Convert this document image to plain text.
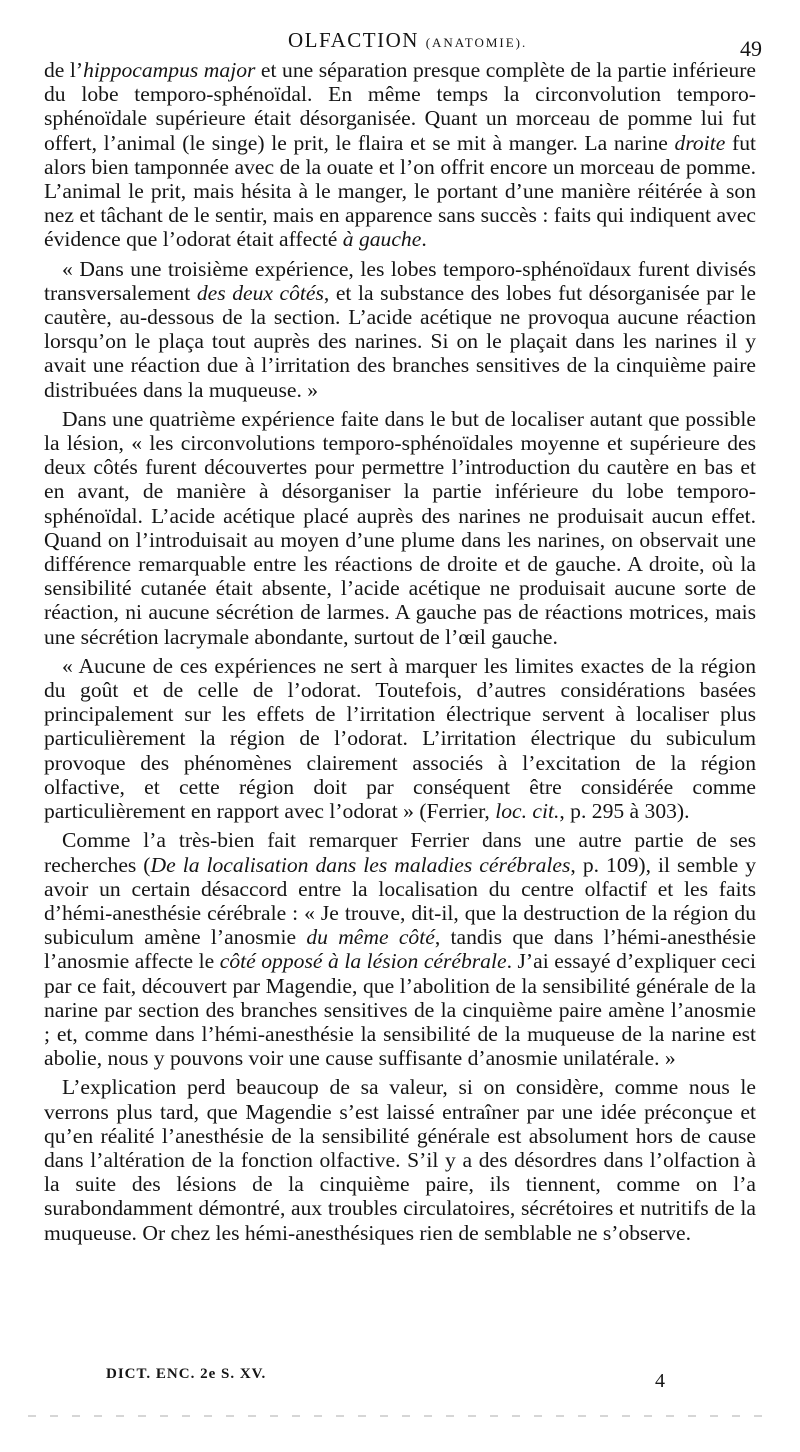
OLFACTION (ANATOMIE).	49

de l’hippocampus major et une séparation presque complète de la partie inférieure du lobe temporo-sphénoïdal. En même temps la circonvolution temporo-sphénoïdale supérieure était désorganisée. Quant un morceau de pomme lui fut offert, l’animal (le singe) le prit, le flaira et se mit à manger. La narine droite fut alors bien tamponnée avec de la ouate et l’on offrit encore un morceau de pomme. L’animal le prit, mais hésita à le manger, le portant d’une manière réitérée à son nez et tâchant de le sentir, mais en apparence sans succès : faits qui indiquent avec évidence que l’odorat était affecté à gauche.

« Dans une troisième expérience, les lobes temporo-sphénoïdaux furent divisés transversalement des deux côtés, et la substance des lobes fut désorganisée par le cautère, au-dessous de la section. L’acide acétique ne provoqua aucune réaction lorsqu’on le plaça tout auprès des narines. Si on le plaçait dans les narines il y avait une réaction due à l’irritation des branches sensitives de la cinquième paire distribuées dans la muqueuse. »

Dans une quatrième expérience faite dans le but de localiser autant que possible la lésion, « les circonvolutions temporo-sphénoïdales moyenne et supérieure des deux côtés furent découvertes pour permettre l’introduction du cautère en bas et en avant, de manière à désorganiser la partie inférieure du lobe temporo-sphénoïdal. L’acide acétique placé auprès des narines ne produisait aucun effet. Quand on l’introduisait au moyen d’une plume dans les narines, on observait une différence remarquable entre les réactions de droite et de gauche. A droite, où la sensibilité cutanée était absente, l’acide acétique ne produisait aucune sorte de réaction, ni aucune sécrétion de larmes. A gauche pas de réactions motrices, mais une sécrétion lacrymale abondante, surtout de l’œil gauche.

« Aucune de ces expériences ne sert à marquer les limites exactes de la région du goût et de celle de l’odorat. Toutefois, d’autres considérations basées principalement sur les effets de l’irritation électrique servent à localiser plus particulièrement la région de l’odorat. L’irritation électrique du subiculum provoque des phénomènes clairement associés à l’excitation de la région olfactive, et cette région doit par conséquent être considérée comme particulièrement en rapport avec l’odorat » (Ferrier, loc. cit., p. 295 à 303).

Comme l’a très-bien fait remarquer Ferrier dans une autre partie de ses recherches (De la localisation dans les maladies cérébrales, p. 109), il semble y avoir un certain désaccord entre la localisation du centre olfactif et les faits d’hémi-anesthésie cérébrale : « Je trouve, dit-il, que la destruction de la région du subiculum amène l’anosmie du même côté, tandis que dans l’hémi-anesthésie l’anosmie affecte le côté opposé à la lésion cérébrale. J’ai essayé d’expliquer ceci par ce fait, découvert par Magendie, que l’abolition de la sensibilité générale de la narine par section des branches sensitives de la cinquième paire amène l’anosmie ; et, comme dans l’hémi-anesthésie la sensibilité de la muqueuse de la narine est abolie, nous y pouvons voir une cause suffisante d’anosmie unilatérale. »

L’explication perd beaucoup de sa valeur, si on considère, comme nous le verrons plus tard, que Magendie s’est laissé entraîner par une idée préconçue et qu’en réalité l’anesthésie de la sensibilité générale est absolument hors de cause dans l’altération de la fonction olfactive. S’il y a des désordres dans l’olfaction à la suite des lésions de la cinquième paire, ils tiennent, comme on l’a surabondamment démontré, aux troubles circulatoires, sécrétoires et nutritifs de la muqueuse. Or chez les hémi-anesthésiques rien de semblable ne s’observe.

DICT. ENC. 2e S. XV.	4
